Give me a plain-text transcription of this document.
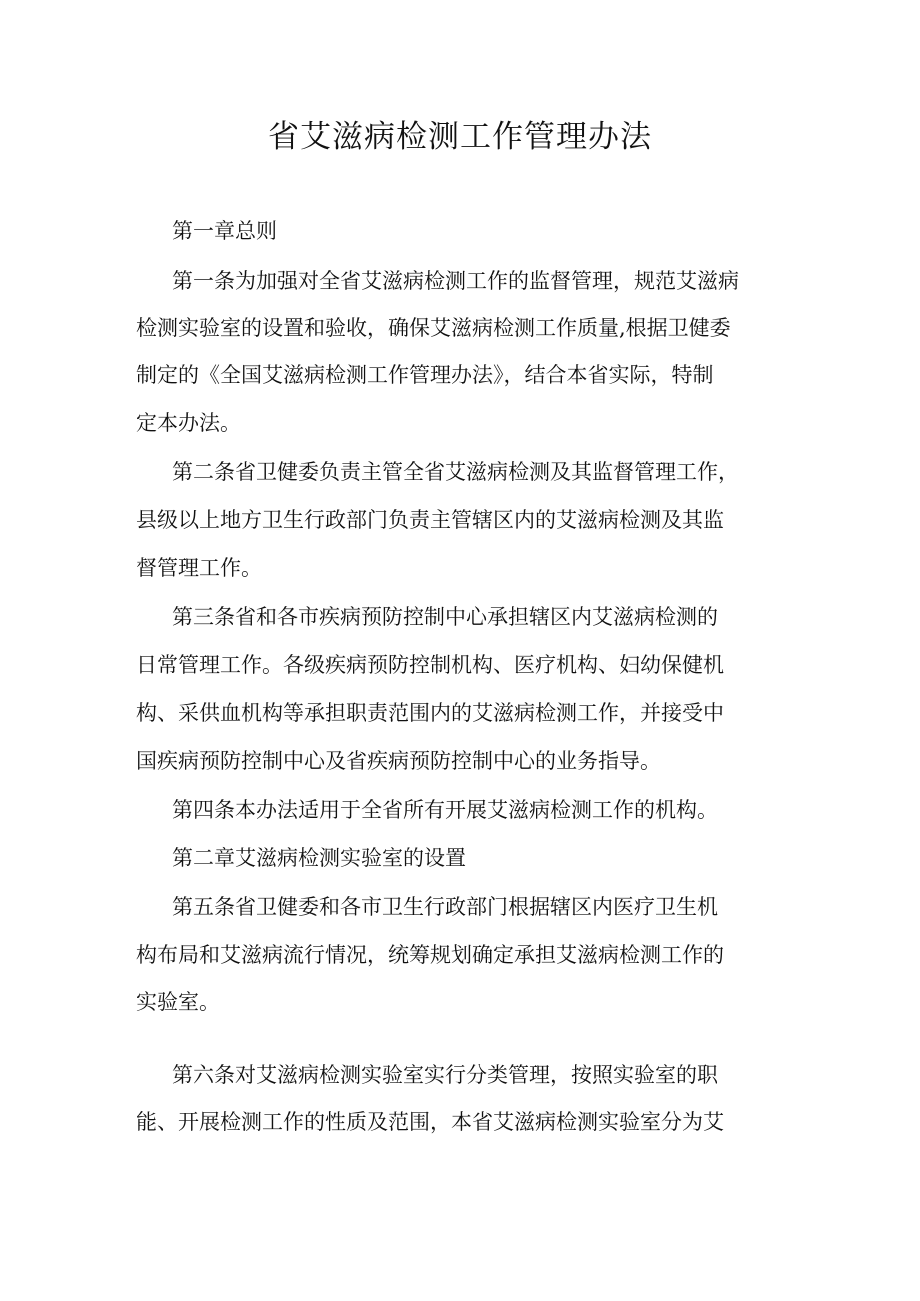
省艾滋病检测工作管理办法
第一章总则
第一条为加强对全省艾滋病检测工作的监督管理，规范艾滋病
检测实验室的设置和验收，确保艾滋病检测工作质量,根据卫健委
制定的《全国艾滋病检测工作管理办法》，结合本省实际，特制
定本办法。
第二条省卫健委负责主管全省艾滋病检测及其监督管理工作，
县级以上地方卫生行政部门负责主管辖区内的艾滋病检测及其监
督管理工作。
第三条省和各市疾病预防控制中心承担辖区内艾滋病检测的
日常管理工作。各级疾病预防控制机构、医疗机构、妇幼保健机
构、采供血机构等承担职责范围内的艾滋病检测工作，并接受中
国疾病预防控制中心及省疾病预防控制中心的业务指导。
第四条本办法适用于全省所有开展艾滋病检测工作的机构。
第二章艾滋病检测实验室的设置
第五条省卫健委和各市卫生行政部门根据辖区内医疗卫生机
构布局和艾滋病流行情况，统筹规划确定承担艾滋病检测工作的
实验室。
第六条对艾滋病检测实验室实行分类管理，按照实验室的职
能、开展检测工作的性质及范围，本省艾滋病检测实验室分为艾
